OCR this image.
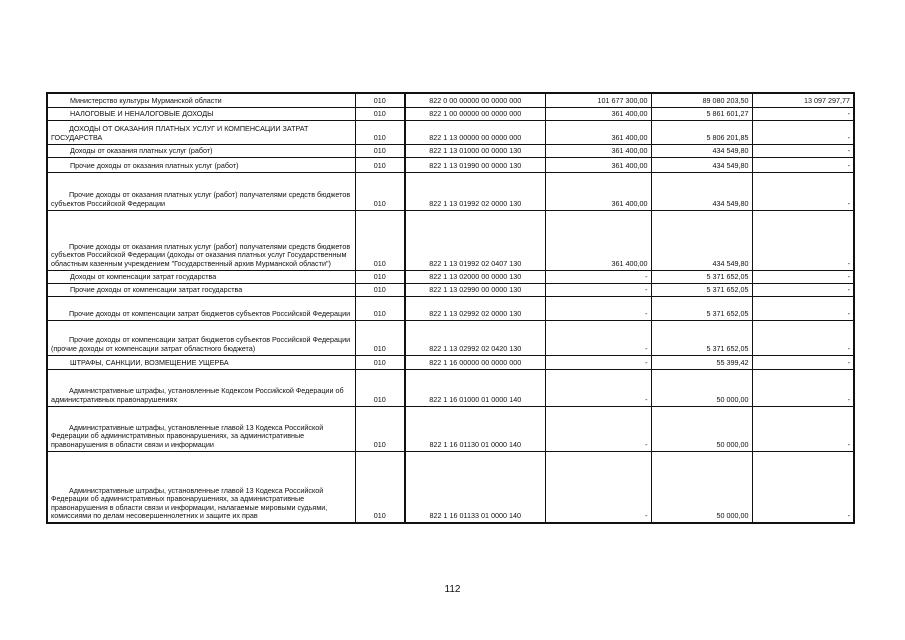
Министерство культуры Мурманской области	010	822 0 00 00000 00 0000 000	101 677 300,00	89 080 203,50	13 097 297,77
НАЛОГОВЫЕ И НЕНАЛОГОВЫЕ ДОХОДЫ	010	822 1 00 00000 00 0000 000	361 400,00	5 861 601,27	-
ДОХОДЫ ОТ ОКАЗАНИЯ ПЛАТНЫХ УСЛУГ И КОМПЕНСАЦИИ ЗАТРАТ ГОСУДАРСТВА	010	822 1 13 00000 00 0000 000	361 400,00	5 806 201,85	-
Доходы от оказания платных услуг (работ)	010	822 1 13 01000 00 0000 130	361 400,00	434 549,80	-
Прочие доходы от оказания платных услуг (работ)	010	822 1 13 01990 00 0000 130	361 400,00	434 549,80	-
Прочие доходы от оказания платных услуг (работ) получателями средств бюджетов субъектов Российской Федерации	010	822 1 13 01992 02 0000 130	361 400,00	434 549,80	-
Прочие доходы от оказания платных услуг (работ) получателями средств бюджетов субъектов Российской Федерации (доходы от оказания платных услуг Государственным областным казенным учреждением "Государственный архив Мурманской области")	010	822 1 13 01992 02 0407 130	361 400,00	434 549,80	-
Доходы от компенсации затрат государства	010	822 1 13 02000 00 0000 130	-	5 371 652,05	-
Прочие доходы от компенсации затрат государства	010	822 1 13 02990 00 0000 130	-	5 371 652,05	-
Прочие доходы от компенсации затрат бюджетов субъектов Российской Федерации	010	822 1 13 02992 02 0000 130	-	5 371 652,05	-
Прочие доходы от компенсации затрат бюджетов субъектов Российской Федерации (прочие доходы от компенсации затрат областного бюджета)	010	822 1 13 02992 02 0420 130	-	5 371 652,05	-
ШТРАФЫ, САНКЦИИ, ВОЗМЕЩЕНИЕ УЩЕРБА	010	822 1 16 00000 00 0000 000	-	55 399,42	-
Административные штрафы, установленные Кодексом Российской Федерации об административных правонарушениях	010	822 1 16 01000 01 0000 140	-	50 000,00	-
Административные штрафы, установленные главой 13 Кодекса Российской Федерации об административных правонарушениях, за административные правонарушения в области связи и информации	010	822 1 16 01130 01 0000 140	-	50 000,00	-
Административные штрафы, установленные главой 13 Кодекса Российской Федерации об административных правонарушениях, за административные правонарушения в области связи и информации, налагаемые мировыми судьями, комиссиями по делам несовершеннолетних и защите их прав	010	822 1 16 01133 01 0000 140	-	50 000,00	-
112
